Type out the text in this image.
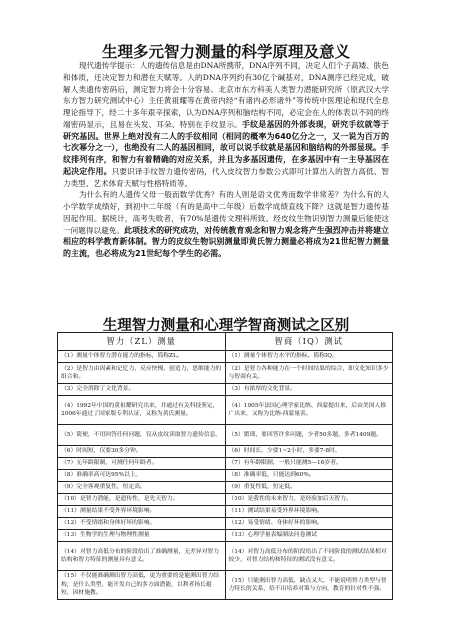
生理多元智力测量的科学原理及意义

现代遗传学提示：人的遗传信息是由DNA所携带，DNA序列不同，决定人们个子高矮、肤色和体质，还决定智力和潜在天赋等。人的DNA序列约有30亿个碱基对，DNA测序已经完成，破解人类遗传密码后，测定智力将会十分容易。北京市东方科美人类智力潜能研究所（原武汉大学东方智力研究测试中心）主任黄祖耀等在黄帝内经“有诸内必形诸外”等传统中医理论和现代全息理论指导下，经二十多年艰辛探索，认为DNA序列和脑结构不同，必定会在人的体表以不同的终端密码显示，且易在头发、耳朵、特别在手纹显示。手纹是基因的外部表现，研究手纹就等于研究基因。世界上绝对没有二人的手纹相同（相同的概率为640亿分之一，又一说为百万的七次幂分之一），也绝没有二人的基因相同，故可以说手纹就是基因和脑结构的外部显现。手纹排列有序，和智力有着精确的对应关系，并且为多基因遗传，在多基因中有一主导基因在起决定作用。只要识译手纹智力遗传密码，代入皮纹智力参数公式即可计算出人的智力高低、智力类型、艺术体育天赋与性格特质等。

为什么有的人遗传父母一般而数学优秀？有的人则是语文优秀而数学非常差？为什么有的人小学数学成绩好，到初中二年级（有的是高中二年级）后数学成绩直线下降？这就是智力遗传基因起作用。据统计，高考失败者，有70%是遗传文理科所致。经皮纹生物识别智力测量后能使这一问题得以避免。此项技术的研究成功，对传统教育观念和智力观念将产生强烈冲击并将建立相应的科学教育新体制。智力的皮纹生物识别测量即黄氏智力测量必将成为21世纪智力测量的主流，也必将成为21世纪每个学生的必需。

生理智力测量和心理学智商测试之区别
智力（ZL）测量	智商（IQ）测试
（1）测量个体智力潜在能力的指标，简称ZL。	（1）测量个体智力水平的指标，简称IQ。
（2）是智力由因素和记忆力、反应快慢、创造力、思维能力的组合和。	（2）是智力各种能力在一个时间结果的综合，即文化知识多少与智商有关。
（3）完全消除了文化背景。	（3）有浓厚的文化背景。
（4）1992年中国的黄祖耀研究出来，并通过有关科技鉴定，2006年通过了国家版专利认证，又称为黄氏测量。	（4）1905年法国心理学家比纳、西蒙提出来，后由美国人推广出来，又称为比纳-西蒙量表。
（5）简便，不用回答任何问题，仅从皮纹读取智力遗传信息。	（5）繁琐，要回答许多问题，少者50多题，多者1409题。
（6）时间短，仅要30多分钟。	（6）时间长，少要1~2小时，多要7-8时。
（7）无年龄限制，可测任何年龄者。	（7）有年龄限制，一般只能测5—16岁者。
（8）准确率高可达95%以上。	（8）准确率低，只能达到60%。
（9）完全客观重复性，恒定高。	（9）重复性低，恒定低。
（10）是智力潜能，是遗传性，是先天智力。	（10）是我性的未来智力，是经验加后天智力。
（11）测量结果不受外界环境影响。	（11）测试结果易受外界环境影响。
（12）不受情绪和身体好坏的影响。	（12）易受情绪、身体好坏的影响。
（13）生物学的生理与物理性测量	（13）心理学量表编制法问卷测试
（14）对智力高低分布的阶段给出了准确测量，无差异对智力结构和智力特征的测量具有意义。	（14）对智力高低分布的阶段给出了不同阶段的测试结果相对较少，对智力结构和特征的测试没有意义。
（15）不仅能准确测出智力高低，更为重要的是能测出智力结构，是什么类型，能开发自己的多方面潜能，以利者扬长避短，因材施教。	（15）只能测出智力高低，缺点又大，不能说明智力类型与智力特长的关系，给不出培养对策与方向，教育的针对性不强。
